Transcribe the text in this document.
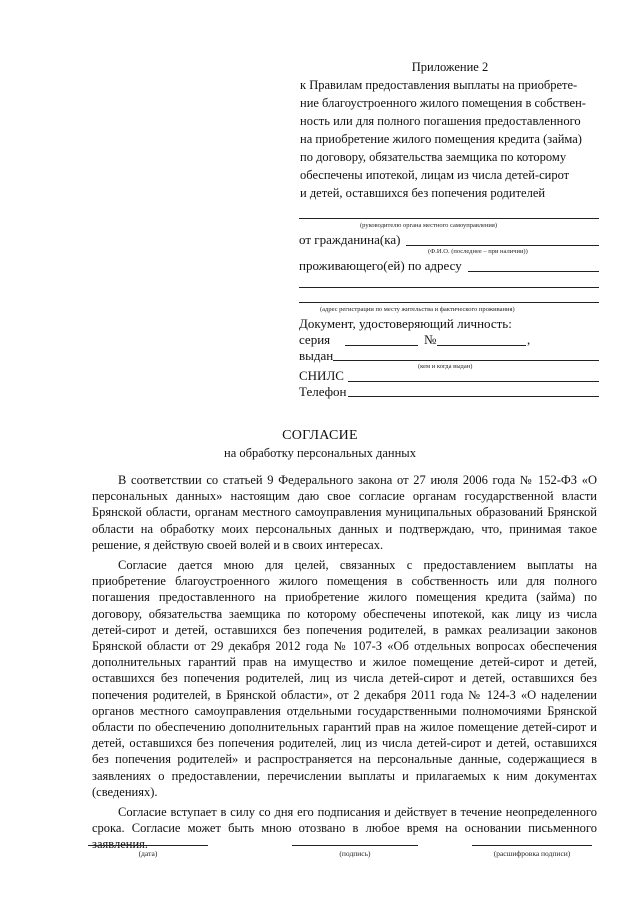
Приложение 2
к Правилам предоставления выплаты на приобрете-
ние благоустроенного жилого помещения в собствен-
ность или для полного погашения предоставленного
на приобретение жилого помещения кредита (займа)
по договору, обязательства заемщика по которому
обеспечены ипотекой, лицам из числа детей-сирот
и детей, оставшихся без попечения родителей
(руководителю органа местного самоуправления)
от гражданина(ка)
(Ф.И.О. (последнее – при наличии))
проживающего(ей) по адресу
(адрес регистрации по месту жительства и фактического проживания)
Документ, удостоверяющий личность:
серия	№	,
выдан
(кем и когда выдан)
СНИЛС
Телефон
СОГЛАСИЕ
на обработку персональных данных

В соответствии со статьей 9 Федерального закона от 27 июля 2006 года № 152-ФЗ «О персональных данных» настоящим даю свое согласие органам государственной власти Брянской области, органам местного самоуправления муниципальных образований Брянской области на обработку моих персональных данных и подтверждаю, что, принимая такое решение, я действую своей волей и в своих интересах.

Согласие дается мною для целей, связанных с предоставлением выплаты на приобретение благоустроенного жилого помещения в собственность или для полного погашения предоставленного на приобретение жилого помещения кредита (займа) по договору, обязательства заемщика по которому обеспечены ипотекой, как лицу из числа детей-сирот и детей, оставшихся без попечения родителей, в рамках реализации законов Брянской области от 29 декабря 2012 года № 107-З «Об отдельных вопросах обеспечения дополнительных гарантий прав на имущество и жилое помещение детей-сирот и детей, оставшихся без попечения родителей, лиц из числа детей-сирот и детей, оставшихся без попечения родителей, в Брянской области», от 2 декабря 2011 года № 124-З «О наделении органов местного самоуправления отдельными государственными полномочиями Брянской области по обеспечению дополнительных гарантий прав на жилое помещение детей-сирот и детей, оставшихся без попечения родителей, лиц из числа детей-сирот и детей, оставшихся без попечения родителей» и распространяется на персональные данные, содержащиеся в заявлениях о предоставлении, перечислении выплаты и прилагаемых к ним документах (сведениях).

Согласие вступает в силу со дня его подписания и действует в течение неопределенного срока. Согласие может быть мною отозвано в любое время на основании письменного заявления.

(дата)	(подпись)	(расшифровка подписи)
